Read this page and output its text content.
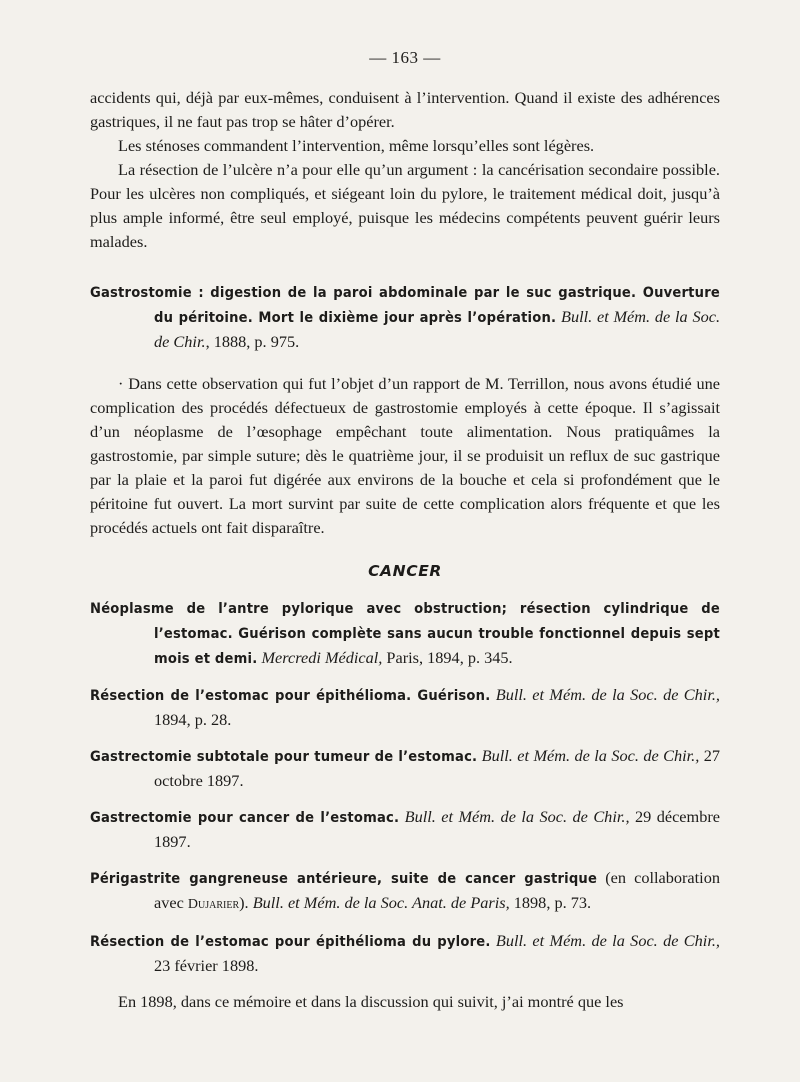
— 163 —

accidents qui, déjà par eux-mêmes, conduisent à l’intervention. Quand il existe des adhérences gastriques, il ne faut pas trop se hâter d’opérer.

Les sténoses commandent l’intervention, même lorsqu’elles sont légères.

La résection de l’ulcère n’a pour elle qu’un argument : la cancérisation secondaire possible. Pour les ulcères non compliqués, et siégeant loin du pylore, le traitement médical doit, jusqu’à plus ample informé, être seul employé, puisque les médecins compétents peuvent guérir leurs malades.

Gastrostomie : digestion de la paroi abdominale par le suc gastrique. Ouverture du péritoine. Mort le dixième jour après l’opération. Bull. et Mém. de la Soc. de Chir., 1888, p. 975.

· Dans cette observation qui fut l’objet d’un rapport de M. Terrillon, nous avons étudié une complication des procédés défectueux de gastrostomie employés à cette époque. Il s’agissait d’un néoplasme de l’œsophage empêchant toute alimentation. Nous pratiquâmes la gastrostomie, par simple suture; dès le quatrième jour, il se produisit un reflux de suc gastrique par la plaie et la paroi fut digérée aux environs de la bouche et cela si profondément que le péritoine fut ouvert. La mort survint par suite de cette complication alors fréquente et que les procédés actuels ont fait disparaître.

CANCER
Néoplasme de l’antre pylorique avec obstruction; résection cylindrique de l’estomac. Guérison complète sans aucun trouble fonctionnel depuis sept mois et demi. Mercredi Médical, Paris, 1894, p. 345.
Résection de l’estomac pour épithélioma. Guérison. Bull. et Mém. de la Soc. de Chir., 1894, p. 28.
Gastrectomie subtotale pour tumeur de l’estomac. Bull. et Mém. de la Soc. de Chir., 27 octobre 1897.
Gastrectomie pour cancer de l’estomac. Bull. et Mém. de la Soc. de Chir., 29 décembre 1897.
Périgastrite gangreneuse antérieure, suite de cancer gastrique (en collaboration avec Dujarier). Bull. et Mém. de la Soc. Anat. de Paris, 1898, p. 73.
Résection de l’estomac pour épithélioma du pylore. Bull. et Mém. de la Soc. de Chir., 23 février 1898.

En 1898, dans ce mémoire et dans la discussion qui suivit, j’ai montré que les
